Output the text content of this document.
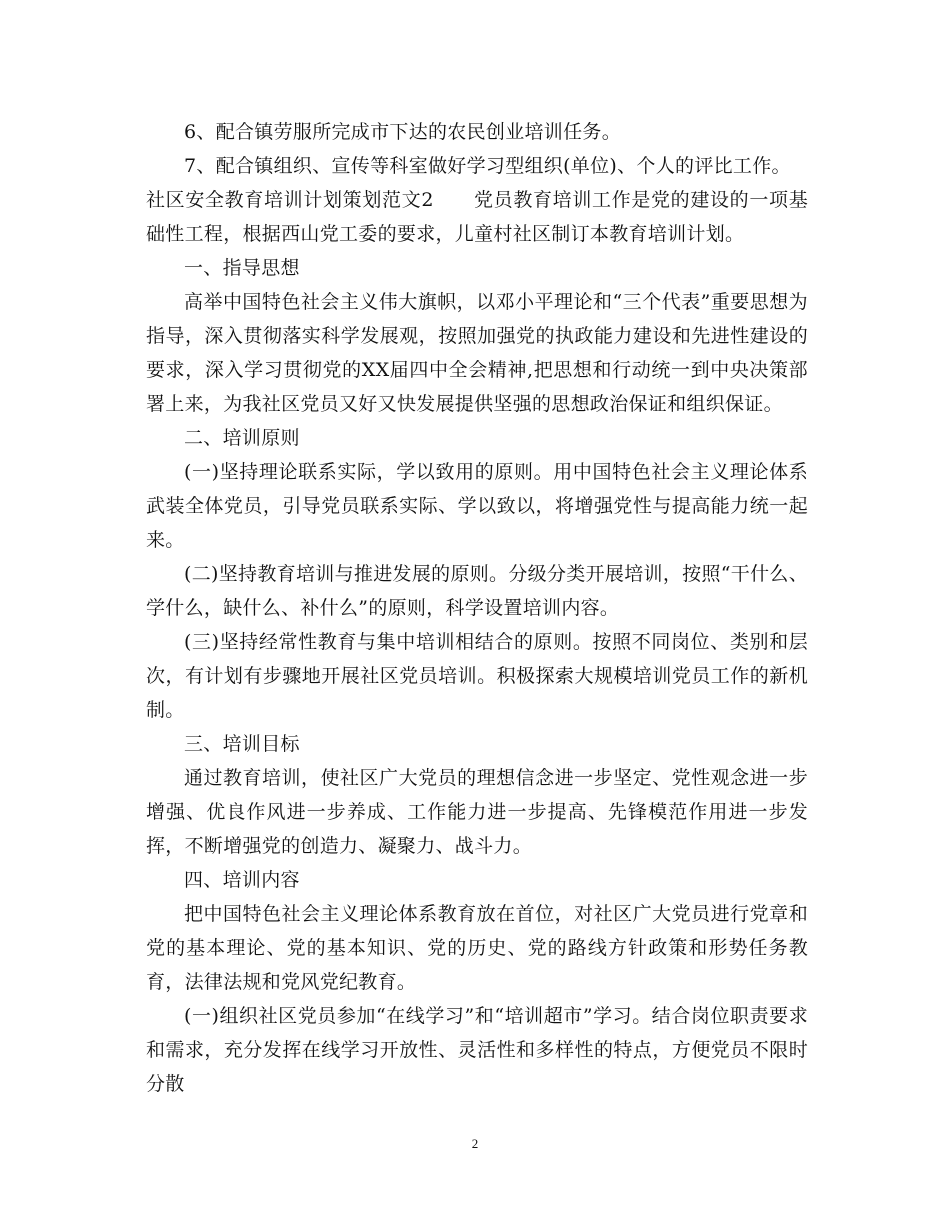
6、配合镇劳服所完成市下达的农民创业培训任务。

7、配合镇组织、宣传等科室做好学习型组织(单位)、个人的评比工作。

社区安全教育培训计划策划范文2 党员教育培训工作是党的建设的一项基础性工程，根据西山党工委的要求，儿童村社区制订本教育培训计划。

一、指导思想

高举中国特色社会主义伟大旗帜，以邓小平理论和“三个代表”重要思想为指导，深入贯彻落实科学发展观，按照加强党的执政能力建设和先进性建设的要求，深入学习贯彻党的XX届四中全会精神,把思想和行动统一到中央决策部署上来，为我社区党员又好又快发展提供坚强的思想政治保证和组织保证。

二、培训原则

(一)坚持理论联系实际，学以致用的原则。用中国特色社会主义理论体系武装全体党员，引导党员联系实际、学以致以，将增强党性与提高能力统一起来。

(二)坚持教育培训与推进发展的原则。分级分类开展培训，按照“干什么、学什么，缺什么、补什么”的原则，科学设置培训内容。

(三)坚持经常性教育与集中培训相结合的原则。按照不同岗位、类别和层次，有计划有步骤地开展社区党员培训。积极探索大规模培训党员工作的新机制。

三、培训目标

通过教育培训，使社区广大党员的理想信念进一步坚定、党性观念进一步增强、优良作风进一步养成、工作能力进一步提高、先锋模范作用进一步发挥，不断增强党的创造力、凝聚力、战斗力。

四、培训内容

把中国特色社会主义理论体系教育放在首位，对社区广大党员进行党章和党的基本理论、党的基本知识、党的历史、党的路线方针政策和形势任务教育，法律法规和党风党纪教育。

(一)组织社区党员参加“在线学习”和“培训超市”学习。结合岗位职责要求和需求，充分发挥在线学习开放性、灵活性和多样性的特点，方便党员不限时分散

2
